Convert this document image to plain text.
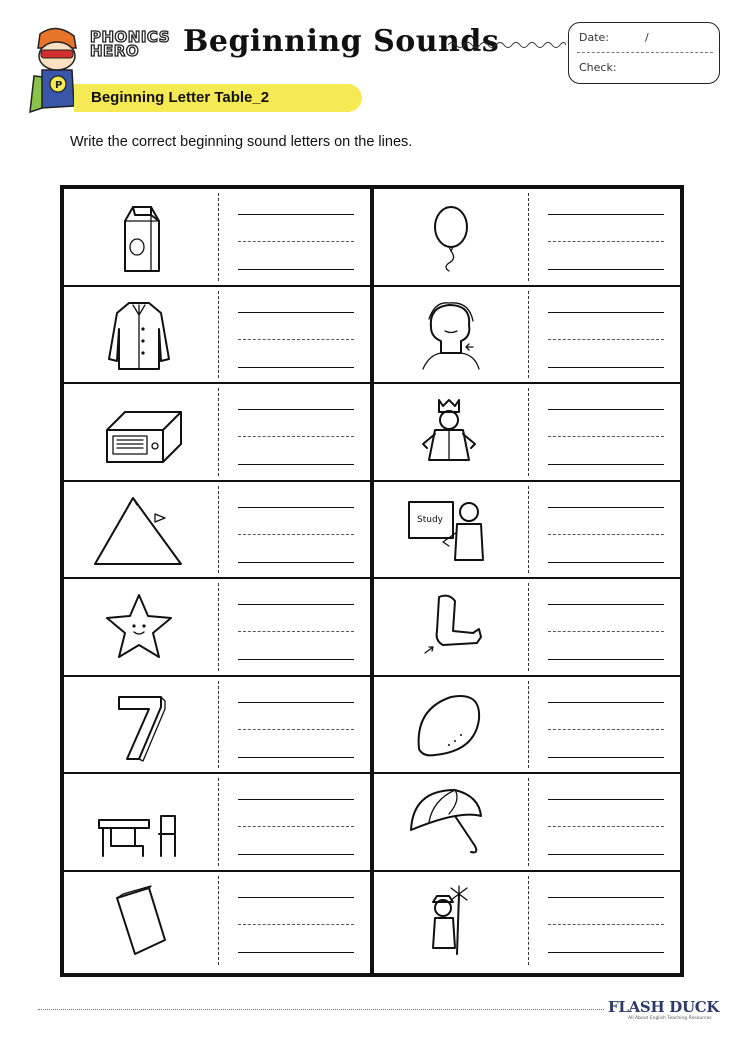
P
PHONICS
HERO	Beginning Sounds	Date:	/
Check:
Beginning Letter Table_2
Write the correct beginning sound letters on the lines.
Study
FLASH DUCK
All About English Teaching Resources
